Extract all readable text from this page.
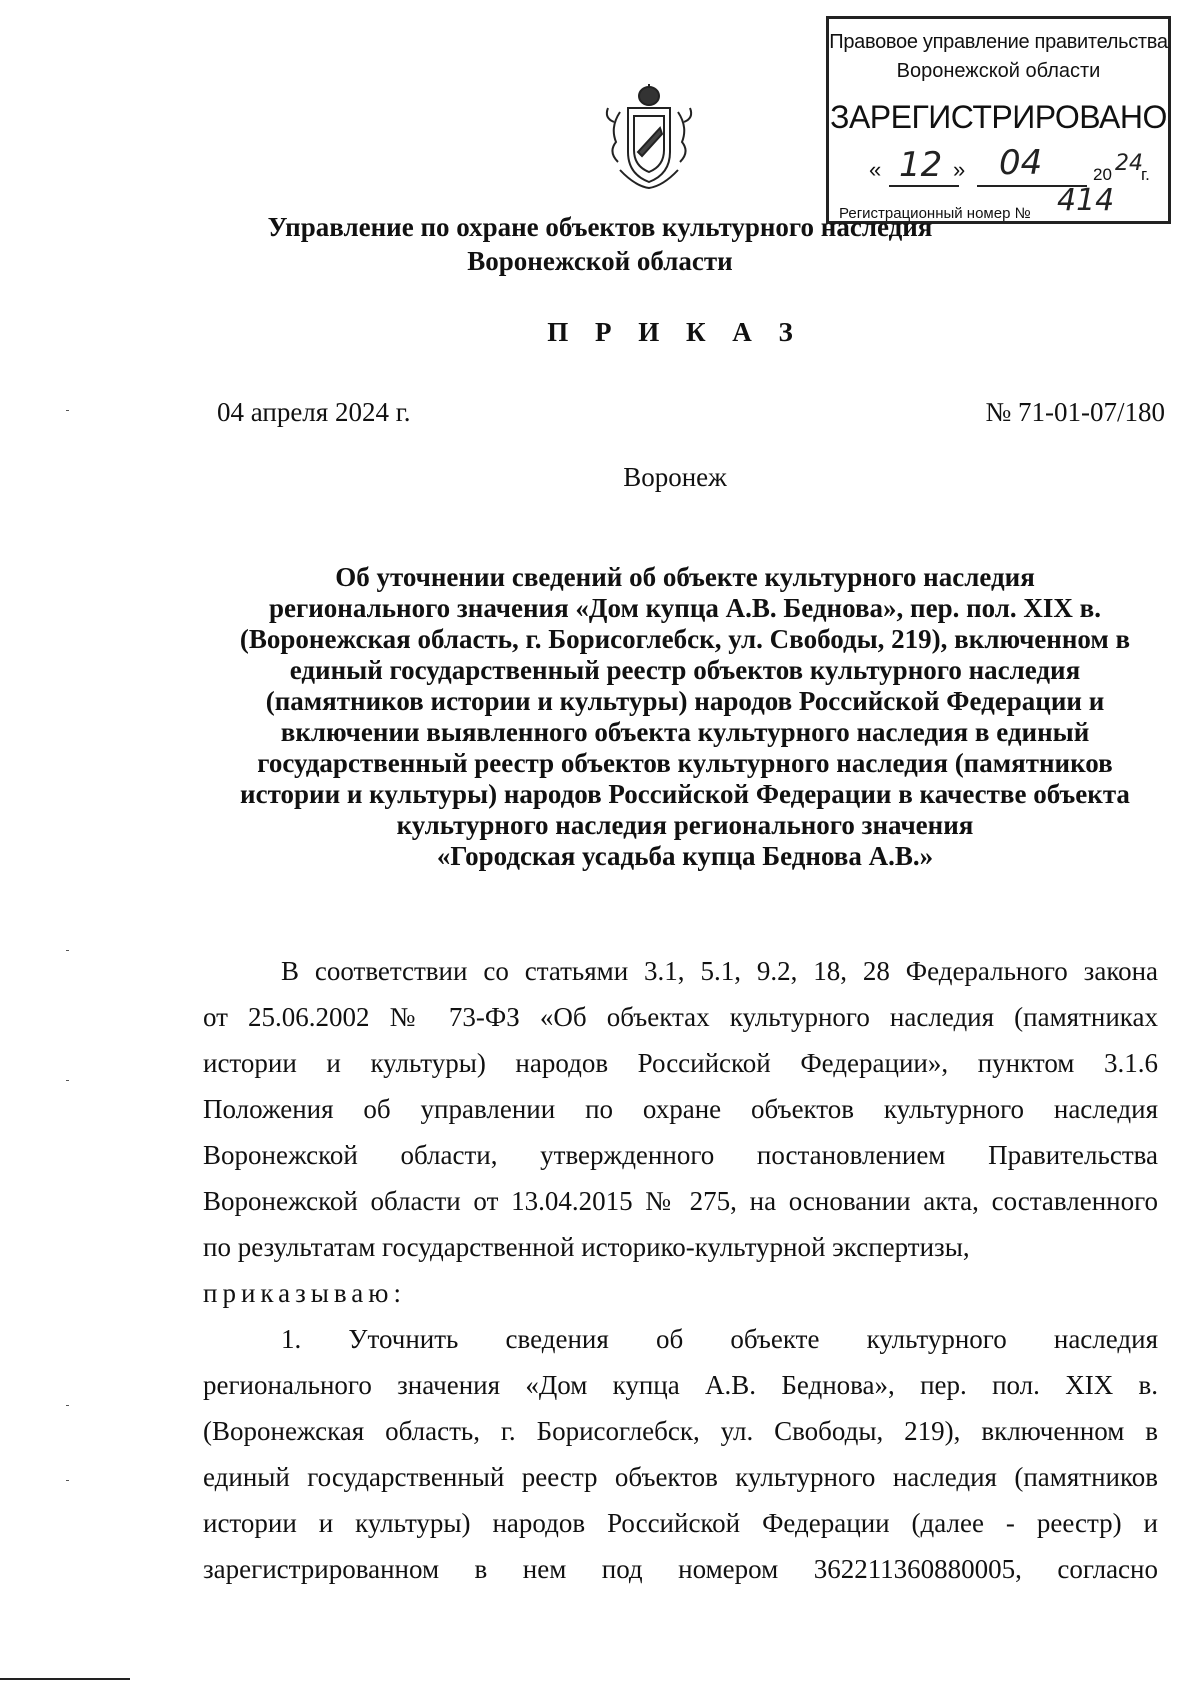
Правовое управление правительства
Воронежской области
ЗАРЕГИСТРИРОВАНО
« 12 » 04	20 24
г.
Регистрационный номер № 414
Управление по охране объектов культурного наследия
Воронежской области
П Р И К А З
04 апреля 2024 г.	№ 71-01-07/180
Воронеж
Об уточнении сведений об объекте культурного наследия
регионального значения «Дом купца А.В. Беднова», пер. пол. XIX в.
(Воронежская область, г. Борисоглебск, ул. Свободы, 219), включенном в
единый государственный реестр объектов культурного наследия
(памятников истории и культуры) народов Российской Федерации и
включении выявленного объекта культурного наследия в единый
государственный реестр объектов культурного наследия (памятников
истории и культуры) народов Российской Федерации в качестве объекта
культурного наследия регионального значения
«Городская усадьба купца Беднова А.В.»
В соответствии со статьями 3.1, 5.1, 9.2, 18, 28 Федерального закона
от 25.06.2002 № 73-ФЗ «Об объектах культурного наследия (памятниках
истории и культуры) народов Российской Федерации», пунктом 3.1.6
Положения об управлении по охране объектов культурного наследия
Воронежской области, утвержденного постановлением Правительства
Воронежской области от 13.04.2015 № 275, на основании акта, составленного
по результатам государственной историко-культурной экспертизы,
приказываю:
1. Уточнить сведения об объекте культурного наследия
регионального значения «Дом купца А.В. Беднова», пер. пол. XIX в.
(Воронежская область, г. Борисоглебск, ул. Свободы, 219), включенном в
единый государственный реестр объектов культурного наследия (памятников
истории и культуры) народов Российской Федерации (далее - реестр) и
зарегистрированном в нем под номером 362211360880005, согласно
